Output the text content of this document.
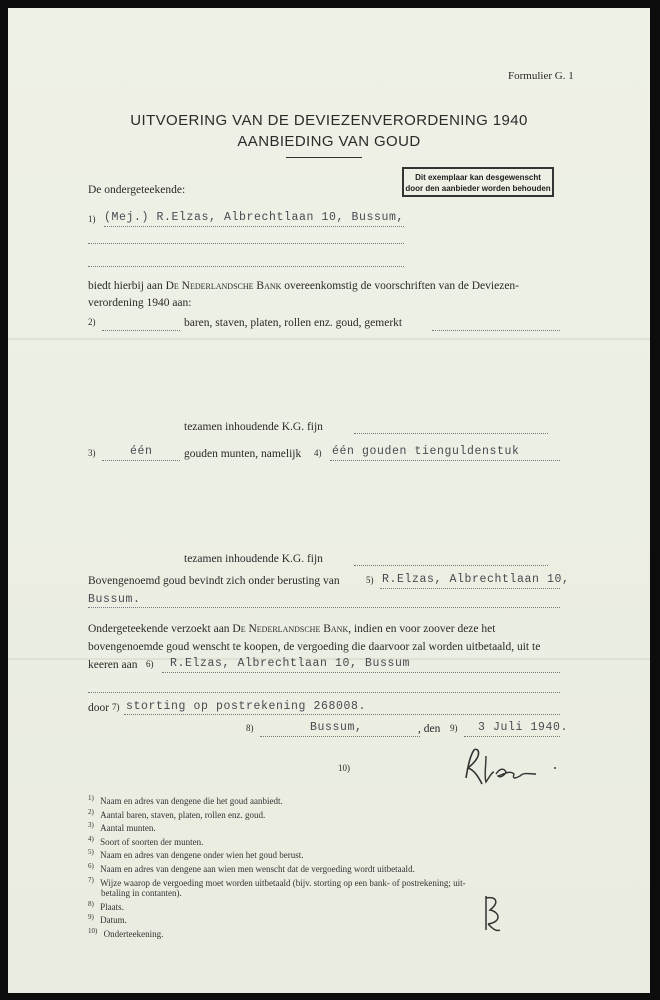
Formulier G. 1
UITVOERING VAN DE DEVIEZENVERORDENING 1940
AANBIEDING VAN GOUD
Dit exemplaar kan desgewenscht
door den aanbieder worden behouden
De ondergeteekende:
1) (Mej.) R.Elzas, Albrechtlaan 10, Bussum,
biedt hierbij aan De Nederlandsche Bank overeenkomstig de voorschriften van de Deviezen- verordening 1940 aan:
2)	baren, staven, platen, rollen enz. goud, gemerkt
tezamen inhoudende K.G. fijn
3)	één	gouden munten, namelijk 4) één gouden tienguldenstuk
tezamen inhoudende K.G. fijn
Bovengenoemd goud bevindt zich onder berusting van	5) R.Elzas, Albrechtlaan 10,
Bussum.
Ondergeteekende verzoekt aan De Nederlandsche Bank, indien en voor zoover deze het
bovengenoemde goud wenscht te koopen, de vergoeding die daarvoor zal worden uitbetaald, uit te
keeren aan 6) R.Elzas, Albrechtlaan 10, Bussum
door 7) storting op postrekening 268008.
8)	Bussum,	, den 9) 3 Juli 1940.
10)
$^{1)}$ Naam en adres van dengene die het goud aanbiedt.
$^{2)}$ Aantal baren, staven, platen, rollen enz. goud.
$^{3)}$ Aantal munten.
$^{4)}$ Soort of soorten der munten.
$^{5)}$ Naam en adres van dengene onder wien het goud berust.
$^{6)}$ Naam en adres van dengene aan wien men wenscht dat de vergoeding wordt uitbetaald.
$^{7)}$ Wijze waarop de vergoeding moet worden uitbetaald (bijv. storting op een bank- of postrekening; uit-
betaling in contanten).
$^{8)}$ Plaats.
$^{9)}$ Datum.
$^{10)}$ Onderteekening.
